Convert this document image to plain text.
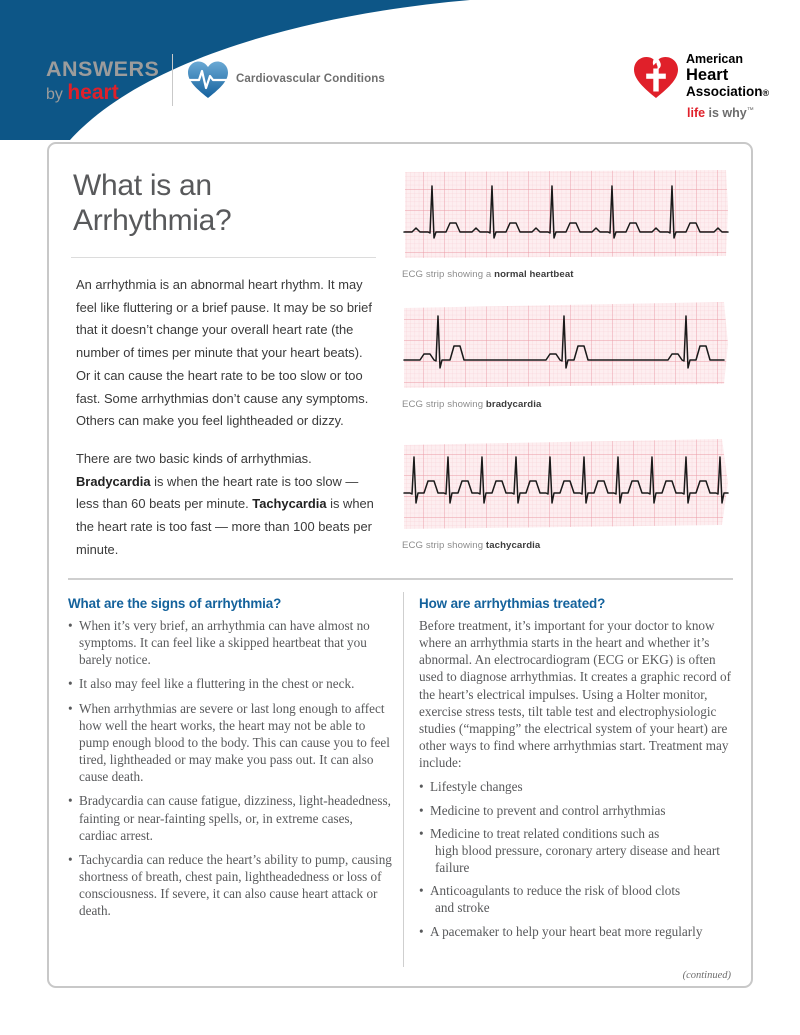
ANSWERS
by heart
Cardiovascular Conditions
American
Heart
Association®
life is why™
What is an
Arrhythmia?

An arrhythmia is an abnormal heart rhythm. It may feel like fluttering or a brief pause. It may be so brief that it doesn’t change your overall heart rate (the number of times per minute that your heart beats). Or it can cause the heart rate to be too slow or too fast. Some arrhythmias don’t cause any symptoms. Others can make you feel lightheaded or dizzy.

There are two basic kinds of arrhythmias. Bradycardia is when the heart rate is too slow — less than 60 beats per minute. Tachycardia is when the heart rate is too fast — more than 100 beats per minute.

ECG strip showing a normal heartbeat
ECG strip showing bradycardia
ECG strip showing tachycardia
What are the signs of arrhythmia?
• When it’s very brief, an arrhythmia can have almost no symptoms. It can feel like a skipped heartbeat that you barely notice.
• It also may feel like a fluttering in the chest or neck.
• When arrhythmias are severe or last long enough to affect how well the heart works, the heart may not be able to pump enough blood to the body. This can cause you to feel tired, lightheaded or may make you pass out. It can also cause death.
• Bradycardia can cause fatigue, dizziness, light-headedness, fainting or near-fainting spells, or, in extreme cases, cardiac arrest.
• Tachycardia can reduce the heart’s ability to pump, causing shortness of breath, chest pain, lightheadedness or loss of consciousness. If severe, it can also cause heart attack or death.
How are arrhythmias treated?

Before treatment, it’s important for your doctor to know where an arrhythmia starts in the heart and whether it’s abnormal. An electrocardiogram (ECG or EKG) is often used to diagnose arrhythmias. It creates a graphic record of the heart’s electrical impulses. Using a Holter monitor, exercise stress tests, tilt table test and electrophysiologic studies (“mapping” the electrical system of your heart) are other ways to find where arrhythmias start. Treatment may include:

• Lifestyle changes
• Medicine to prevent and control arrhythmias
• Medicine to treat related conditions such as
high blood pressure, coronary artery disease and heart failure
• Anticoagulants to reduce the risk of blood clots
and stroke
• A pacemaker to help your heart beat more regularly
(continued)
